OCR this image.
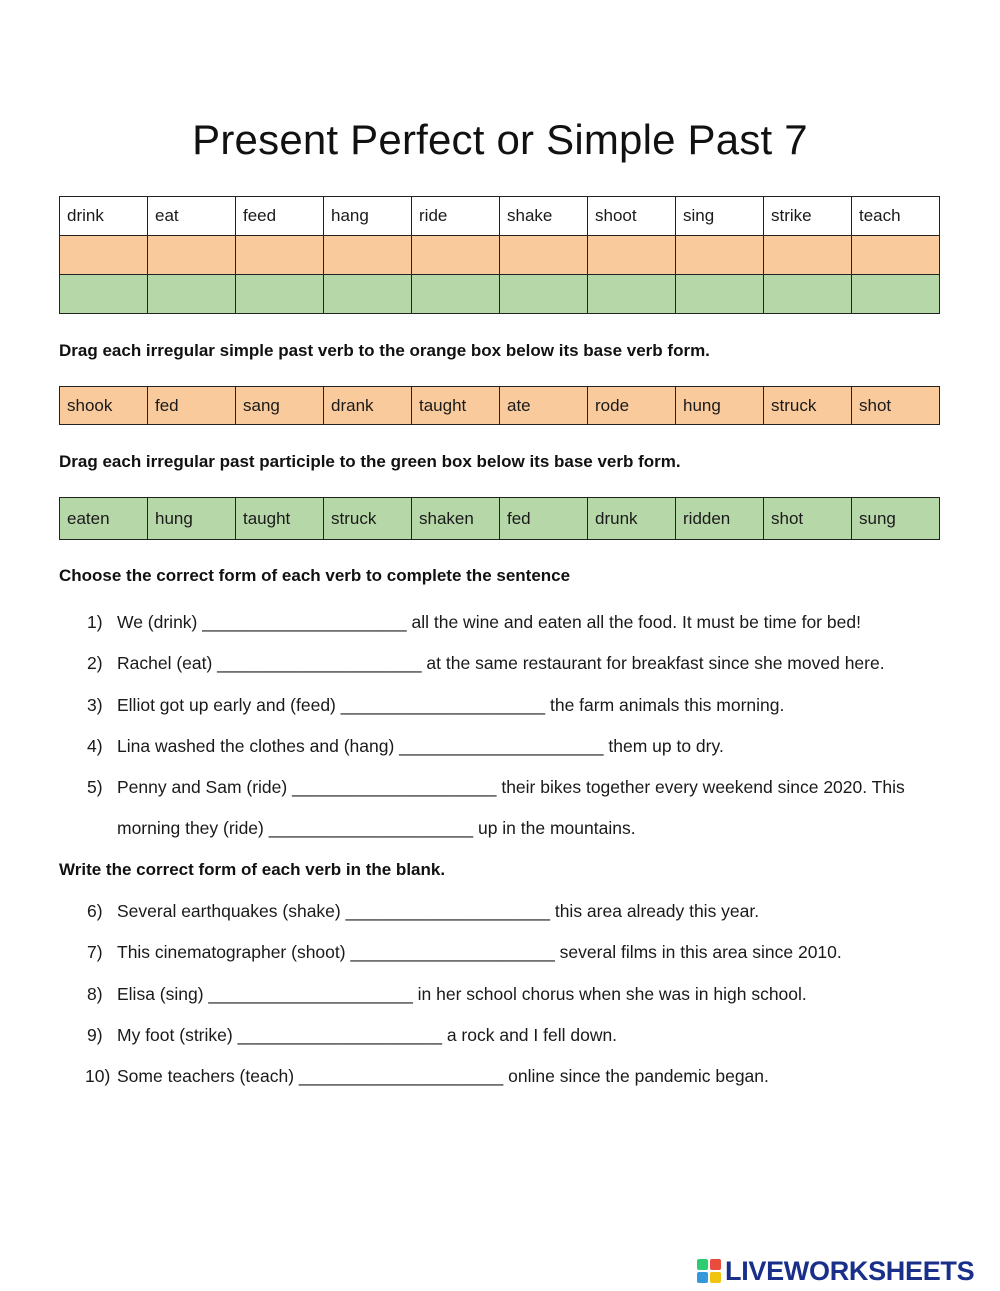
Present Perfect or Simple Past 7
drink	eat	feed	hang	ride	shake	shoot	sing	strike	teach

Drag each irregular simple past verb to the orange box below its base verb form.

shook	fed	sang	drank	taught	ate	rode	hung	struck	shot

Drag each irregular past participle to the green box below its base verb form.

eaten	hung	taught	struck	shaken	fed	drunk	ridden	shot	sung

Choose the correct form of each verb to complete the sentence

1) We (drink) _____________________ all the wine and eaten all the food. It must be time for bed!
2) Rachel (eat) _____________________ at the same restaurant for breakfast since she moved here.
3) Elliot got up early and (feed) _____________________ the farm animals this morning.
4) Lina washed the clothes and (hang) _____________________ them up to dry.
5) Penny and Sam (ride) _____________________ their bikes together every weekend since 2020. This
morning they (ride) _____________________ up in the mountains.

Write the correct form of each verb in the blank.

6) Several earthquakes (shake) _____________________ this area already this year.
7) This cinematographer (shoot) _____________________ several films in this area since 2010.
8) Elisa (sing) _____________________ in her school chorus when she was in high school.
9) My foot (strike) _____________________ a rock and I fell down.
10) Some teachers (teach) _____________________ online since the pandemic began.
LIVEWORKSHEETS
